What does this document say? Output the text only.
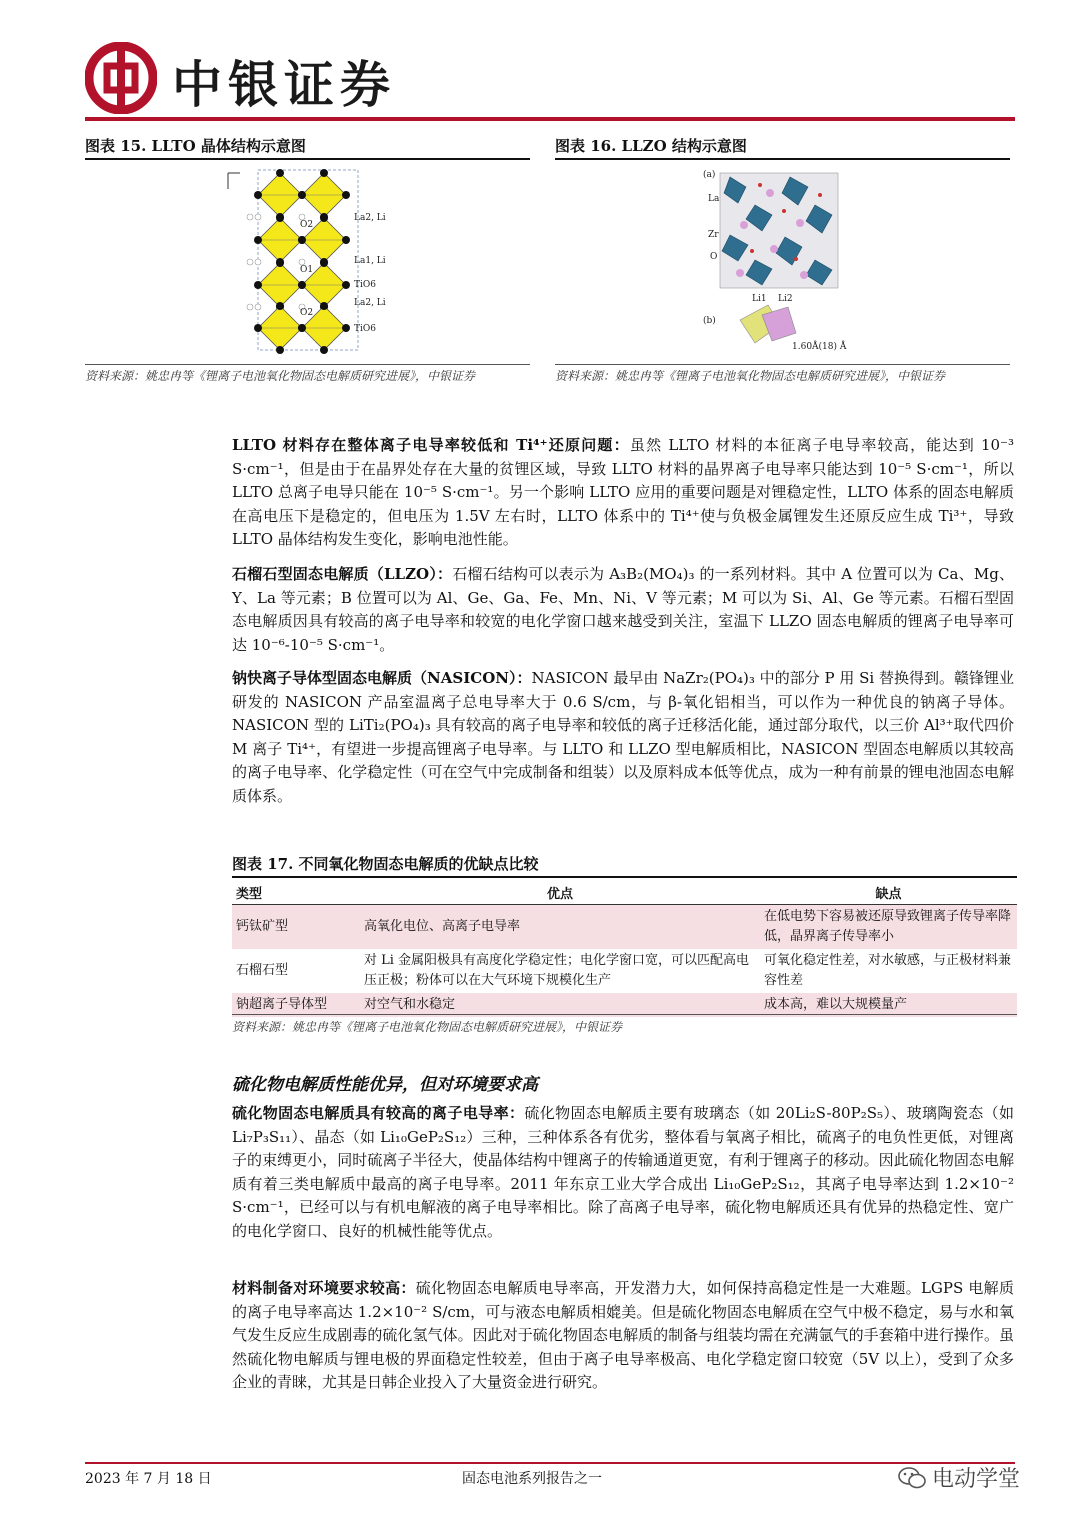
中银证券
图表 15. LLTO 晶体结构示意图
La2, Li
La1, Li
TiO6
La2, Li
TiO6
O2
O1
O2
资料来源：姚忠冉等《锂离子电池氧化物固态电解质研究进展》，中银证券
图表 16. LLZO 结构示意图
(a)
La
Zr
O
Li1 Li2
(b)
1.60Å(18) Å
资料来源：姚忠冉等《锂离子电池氧化物固态电解质研究进展》，中银证券
LLTO 材料存在整体离子电导率较低和 Ti⁴⁺还原问题：虽然 LLTO 材料的本征离子电导率较高，能达到 10⁻³ S·cm⁻¹，但是由于在晶界处存在大量的贫锂区域，导致 LLTO 材料的晶界离子电导率只能达到 10⁻⁵ S·cm⁻¹，所以 LLTO 总离子电导只能在 10⁻⁵ S·cm⁻¹。另一个影响 LLTO 应用的重要问题是对锂稳定性，LLTO 体系的固态电解质在高电压下是稳定的，但电压为 1.5V 左右时，LLTO 体系中的 Ti⁴⁺使与负极金属锂发生还原反应生成 Ti³⁺，导致 LLTO 晶体结构发生变化，影响电池性能。
石榴石型固态电解质（LLZO）：石榴石结构可以表示为 A₃B₂(MO₄)₃ 的一系列材料。其中 A 位置可以为 Ca、Mg、Y、La 等元素；B 位置可以为 Al、Ge、Ga、Fe、Mn、Ni、V 等元素；M 可以为 Si、Al、Ge 等元素。石榴石型固态电解质因具有较高的离子电导率和较宽的电化学窗口越来越受到关注，室温下 LLZO 固态电解质的锂离子电导率可达 10⁻⁶-10⁻⁵ S·cm⁻¹。
钠快离子导体型固态电解质（NASICON）：NASICON 最早由 NaZr₂(PO₄)₃ 中的部分 P 用 Si 替换得到。赣锋锂业研发的 NASICON 产品室温离子总电导率大于 0.6 S/cm，与 β-氧化铝相当，可以作为一种优良的钠离子导体。NASICON 型的 LiTi₂(PO₄)₃ 具有较高的离子电导率和较低的离子迁移活化能，通过部分取代，以三价 Al³⁺取代四价 M 离子 Ti⁴⁺，有望进一步提高锂离子电导率。与 LLTO 和 LLZO 型电解质相比，NASICON 型固态电解质以其较高的离子电导率、化学稳定性（可在空气中完成制备和组装）以及原料成本低等优点，成为一种有前景的锂电池固态电解质体系。
图表 17. 不同氧化物固态电解质的优缺点比较
类型	优点	缺点
钙钛矿型	高氧化电位、高离子电导率	在低电势下容易被还原导致锂离子传导率降低，晶界离子传导率小
石榴石型	对 Li 金属阳极具有高度化学稳定性；电化学窗口宽，可以匹配高电压正极；粉体可以在大气环境下规模化生产	可氧化稳定性差，对水敏感，与正极材料兼容性差
钠超离子导体型	对空气和水稳定	成本高，难以大规模量产
资料来源：姚忠冉等《锂离子电池氧化物固态电解质研究进展》，中银证券
硫化物电解质性能优异，但对环境要求高
硫化物固态电解质具有较高的离子电导率：硫化物固态电解质主要有玻璃态（如 20Li₂S-80P₂S₅）、玻璃陶瓷态（如 Li₇P₃S₁₁）、晶态（如 Li₁₀GeP₂S₁₂）三种，三种体系各有优劣，整体看与氧离子相比，硫离子的电负性更低，对锂离子的束缚更小，同时硫离子半径大，使晶体结构中锂离子的传输通道更宽，有利于锂离子的移动。因此硫化物固态电解质有着三类电解质中最高的离子电导率。2011 年东京工业大学合成出 Li₁₀GeP₂S₁₂，其离子电导率达到 1.2×10⁻² S·cm⁻¹，已经可以与有机电解液的离子电导率相比。除了高离子电导率，硫化物电解质还具有优异的热稳定性、宽广的电化学窗口、良好的机械性能等优点。
材料制备对环境要求较高：硫化物固态电解质电导率高，开发潜力大，如何保持高稳定性是一大难题。LGPS 电解质的离子电导率高达 1.2×10⁻² S/cm，可与液态电解质相媲美。但是硫化物固态电解质在空气中极不稳定，易与水和氧气发生反应生成剧毒的硫化氢气体。因此对于硫化物固态电解质的制备与组装均需在充满氩气的手套箱中进行操作。虽然硫化物电解质与锂电极的界面稳定性较差，但由于离子电导率极高、电化学稳定窗口较宽（5V 以上），受到了众多企业的青睐，尤其是日韩企业投入了大量资金进行研究。
2023 年 7 月 18 日	固态电池系列报告之一	电动学堂
